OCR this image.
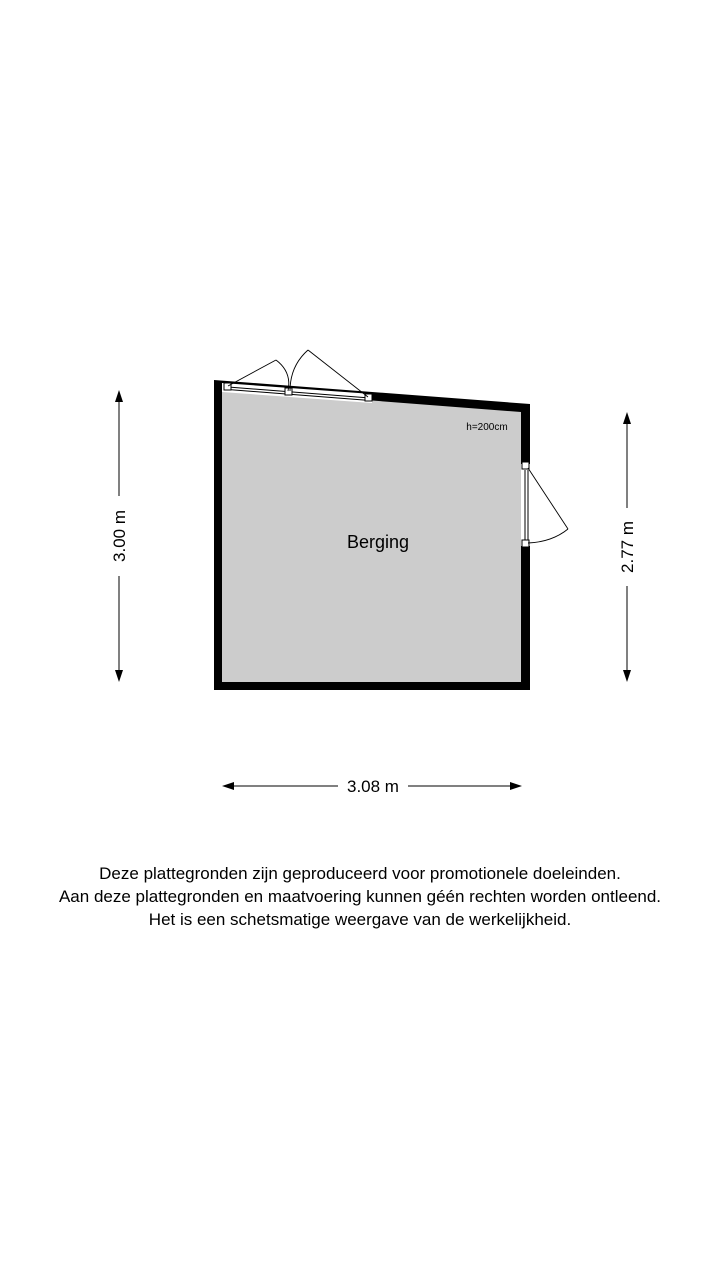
Berging
h=200cm
3.00 m	2.77 m
3.08 m
Deze plattegronden zijn geproduceerd voor promotionele doeleinden.
Aan deze plattegronden en maatvoering kunnen géén rechten worden ontleend.
Het is een schetsmatige weergave van de werkelijkheid.
